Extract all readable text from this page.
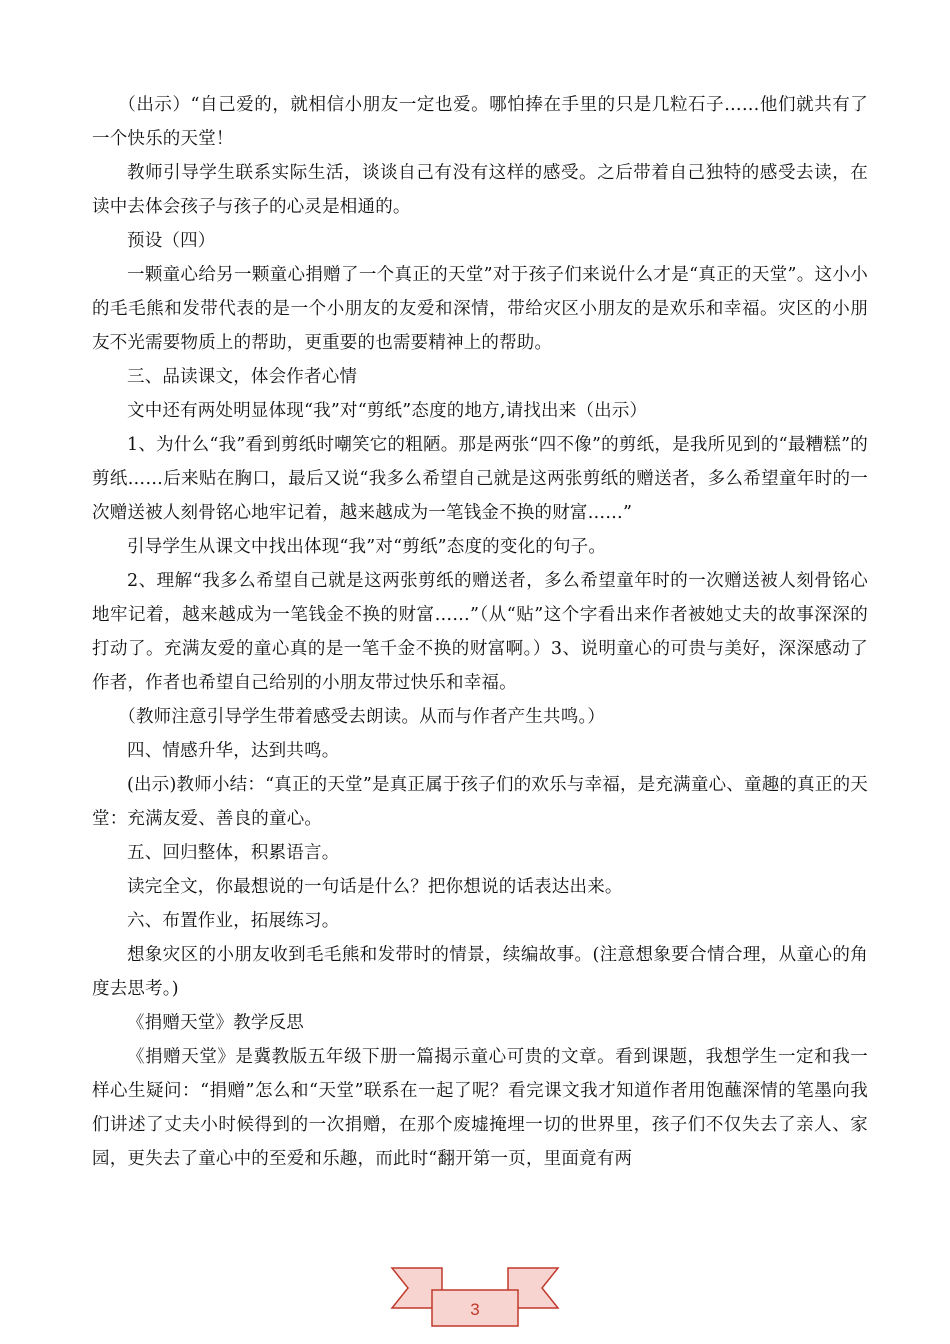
（出示）“自己爱的，就相信小朋友一定也爱。哪怕捧在手里的只是几粒石子……他们就共有了一个快乐的天堂！

教师引导学生联系实际生活，谈谈自己有没有这样的感受。之后带着自己独特的感受去读，在读中去体会孩子与孩子的心灵是相通的。

预设（四）

一颗童心给另一颗童心捐赠了一个真正的天堂”对于孩子们来说什么才是“真正的天堂”。这小小的毛毛熊和发带代表的是一个小朋友的友爱和深情，带给灾区小朋友的是欢乐和幸福。灾区的小朋友不光需要物质上的帮助，更重要的也需要精神上的帮助。

三、品读课文，体会作者心情

文中还有两处明显体现“我”对“剪纸”态度的地方,请找出来（出示）

1、为什么“我”看到剪纸时嘲笑它的粗陋。那是两张“四不像”的剪纸，是我所见到的“最糟糕”的剪纸……后来贴在胸口，最后又说“我多么希望自己就是这两张剪纸的赠送者，多么希望童年时的一次赠送被人刻骨铭心地牢记着，越来越成为一笔钱金不换的财富……”

引导学生从课文中找出体现“我”对“剪纸”态度的变化的句子。

2、理解“我多么希望自己就是这两张剪纸的赠送者，多么希望童年时的一次赠送被人刻骨铭心地牢记着，越来越成为一笔钱金不换的财富……”（从“贴”这个字看出来作者被她丈夫的故事深深的打动了。充满友爱的童心真的是一笔千金不换的财富啊。）3、说明童心的可贵与美好，深深感动了作者，作者也希望自己给别的小朋友带过快乐和幸福。

（教师注意引导学生带着感受去朗读。从而与作者产生共鸣。）

四、情感升华，达到共鸣。

(出示)教师小结：“真正的天堂”是真正属于孩子们的欢乐与幸福，是充满童心、童趣的真正的天堂：充满友爱、善良的童心。

五、回归整体，积累语言。

读完全文，你最想说的一句话是什么？把你想说的话表达出来。

六、布置作业，拓展练习。

想象灾区的小朋友收到毛毛熊和发带时的情景，续编故事。(注意想象要合情合理，从童心的角度去思考。)

《捐赠天堂》教学反思

《捐赠天堂》是冀教版五年级下册一篇揭示童心可贵的文章。看到课题，我想学生一定和我一样心生疑问：“捐赠”怎么和“天堂”联系在一起了呢？看完课文我才知道作者用饱蘸深情的笔墨向我们讲述了丈夫小时候得到的一次捐赠，在那个废墟掩埋一切的世界里，孩子们不仅失去了亲人、家园，更失去了童心中的至爱和乐趣，而此时“翻开第一页，里面竟有两

3
